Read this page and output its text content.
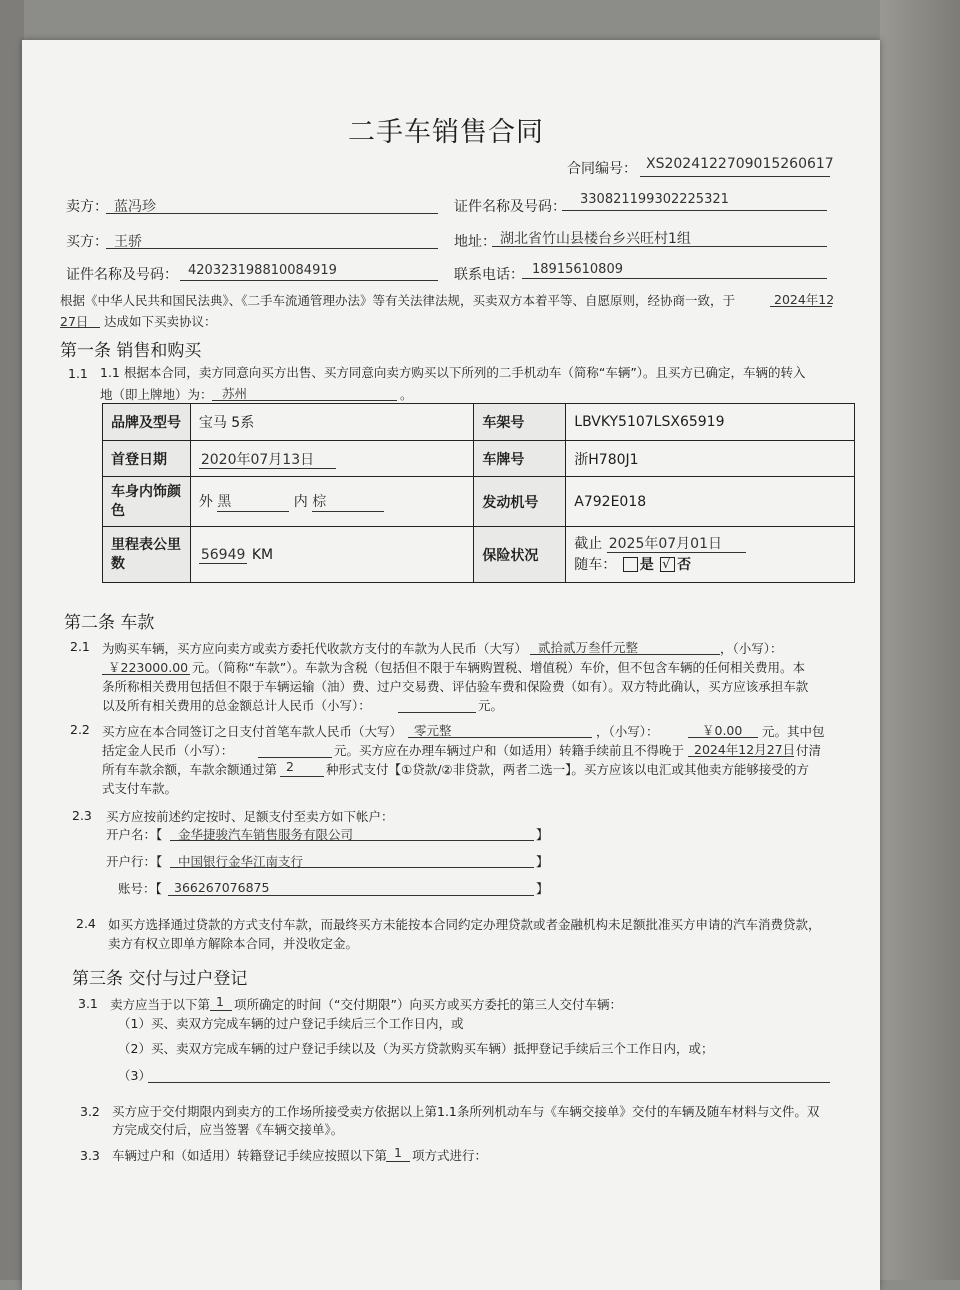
二手车销售合同
合同编号： XS2024122709015260617
卖方： 蓝冯珍	证件名称及号码： 330821199302225321
买方： 王骄	地址： 湖北省竹山县楼台乡兴旺村1组
证件名称及号码： 420323198810084919	联系电话： 18915610809
根据《中华人民共和国民法典》、《二手车流通管理办法》等有关法律法规，买卖双方本着平等、自愿原则，经协商一致，于	2024年12
27日 达成如下买卖协议：
第一条 销售和购买
1.1 1.1 根据本合同，卖方同意向买方出售、买方同意向卖方购买以下所列的二手机动车（简称“车辆”）。且买方已确定，车辆的转入
地（即上牌地）为： 苏州	。
品牌及型号	宝马 5系	车架号	LBVKY5107LSX65919
首登日期	2020年07月13日	车牌号	浙H780J1
车身内饰颜色	外 黑 内 棕	发动机号	A792E018
里程表公里数	56949 KM	保险状况	截止 2025年07月01日
随车： 是 √ 否
第二条 车款
2.1 为购买车辆，买方应向卖方或卖方委托代收款方支付的车款为人民币（大写） 贰拾贰万叁仟元整	，（小写）：
￥223000.00 元。（简称“车款”）。车款为含税（包括但不限于车辆购置税、增值税）车价，但不包含车辆的任何相关费用。本
条所称相关费用包括但不限于车辆运输（油）费、过户交易费、评估验车费和保险费（如有）。双方特此确认，买方应该承担车款
以及所有相关费用的总金额总计人民币（小写）：	元。
2.2 买方应在本合同签订之日支付首笔车款人民币（大写） 零元整	，（小写）：	￥0.00 元。其中包
括定金人民币（小写）：	元。买方应在办理车辆过户和（如适用）转籍手续前且不得晚于 2024年12月27日 付清
所有车款余额，车款余额通过第 2	种形式支付【①贷款/②非贷款，两者二选一】。买方应该以电汇或其他卖方能够接受的方
式支付车款。
2.3 买方应按前述约定按时、足额支付至卖方如下帐户：
开户名：【 金华捷骏汽车销售服务有限公司	】
开户行：【 中国银行金华江南支行	】
账号：【 366267076875	】
2.4 如买方选择通过贷款的方式支付车款，而最终买方未能按本合同约定办理贷款或者金融机构未足额批准买方申请的汽车消费贷款，
卖方有权立即单方解除本合同，并没收定金。
第三条 交付与过户登记
3.1 卖方应当于以下第 1 项所确定的时间（“交付期限”）向买方或买方委托的第三人交付车辆：
（1）买、卖双方完成车辆的过户登记手续后三个工作日内，或
（2）买、卖双方完成车辆的过户登记手续以及（为买方贷款购买车辆）抵押登记手续后三个工作日内，或；
（3）
3.2 买方应于交付期限内到卖方的工作场所接受卖方依据以上第1.1条所列机动车与《车辆交接单》交付的车辆及随车材料与文件。双
方完成交付后，应当签署《车辆交接单》。
3.3 车辆过户和（如适用）转籍登记手续应按照以下第 1 项方式进行：
